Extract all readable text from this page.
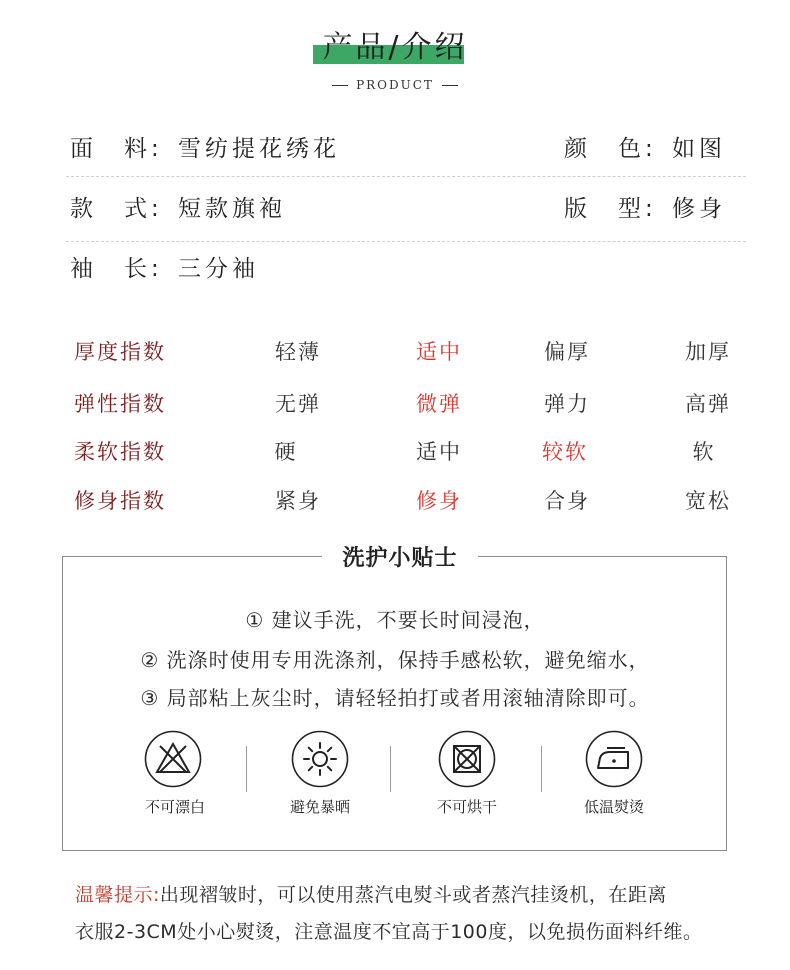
产品/介绍
PRODUCT
面　料: 雪纺提花绣花	颜　色: 如图
款　式: 短款旗袍	版　型: 修身
袖　长: 三分袖
厚度指数	轻薄	适中	偏厚	加厚
弹性指数	无弹	微弹	弹力	高弹
柔软指数	硬	适中	较软	软
修身指数	紧身	修身	合身	宽松
洗护小贴士
① 建议手洗，不要长时间浸泡，
② 洗涤时使用专用洗涤剂，保持手感松软，避免缩水，
③ 局部粘上灰尘时，请轻轻拍打或者用滚轴清除即可。
不可漂白	避免暴晒	不可烘干	低温熨烫
温馨提示:出现褶皱时，可以使用蒸汽电熨斗或者蒸汽挂烫机，在距离
衣服2-3CM处小心熨烫，注意温度不宜高于100度，以免损伤面料纤维。
